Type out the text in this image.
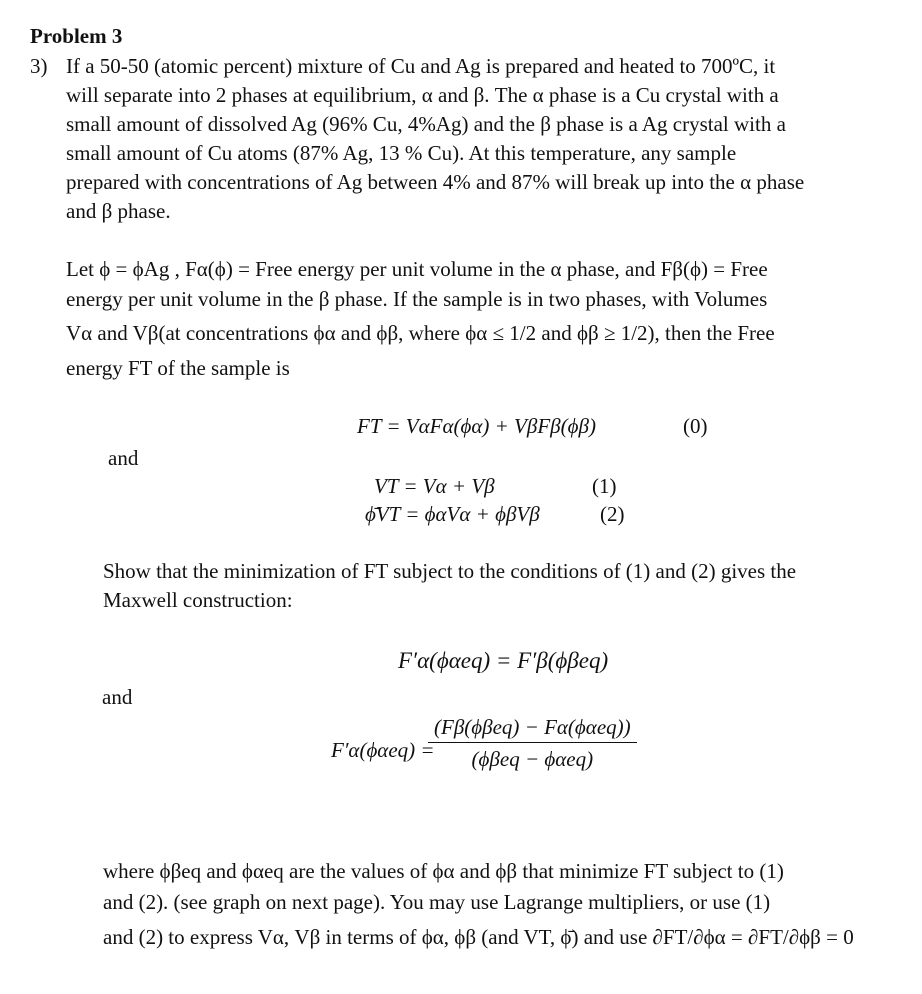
Problem 3
3) If a 50-50 (atomic percent) mixture of Cu and Ag is prepared and heated to 700ºC, it
will separate into 2 phases at equilibrium, α and β. The α phase is a Cu crystal with a
small amount of dissolved Ag (96% Cu, 4%Ag) and the β phase is a Ag crystal with a
small amount of Cu atoms (87% Ag, 13 % Cu). At this temperature, any sample
prepared with concentrations of Ag between 4% and 87% will break up into the α phase
and β phase.
Let ϕ = ϕAg , Fα(ϕ) = Free energy per unit volume in the α phase, and Fβ(ϕ) = Free
energy per unit volume in the β phase. If the sample is in two phases, with Volumes
Vα and Vβ(at concentrations ϕα and ϕβ, where ϕα ≤ 1/2 and ϕβ ≥ 1/2), then the Free
energy FT of the sample is
FT = VαFα(ϕα) + VβFβ(ϕβ)	(0)
and
VT = Vα + Vβ	(1)
ϕ̄VT = ϕαVα + ϕβVβ	(2)
Show that the minimization of FT subject to the conditions of (1) and (2) gives the
Maxwell construction:
F′α(ϕαeq) = F′β(ϕβeq)
and
F′α(ϕαeq) =
$\frac{\text{(Fβ(ϕβeq) − Fα(ϕαeq))}}{\text{(ϕβeq − ϕαeq)}}$
where ϕβeq and ϕαeq are the values of ϕα and ϕβ that minimize FT subject to (1)
and (2). (see graph on next page). You may use Lagrange multipliers, or use (1)
and (2) to express Vα, Vβ in terms of ϕα, ϕβ (and VT, ϕ̄) and use ∂FT/∂ϕα = ∂FT/∂ϕβ = 0
